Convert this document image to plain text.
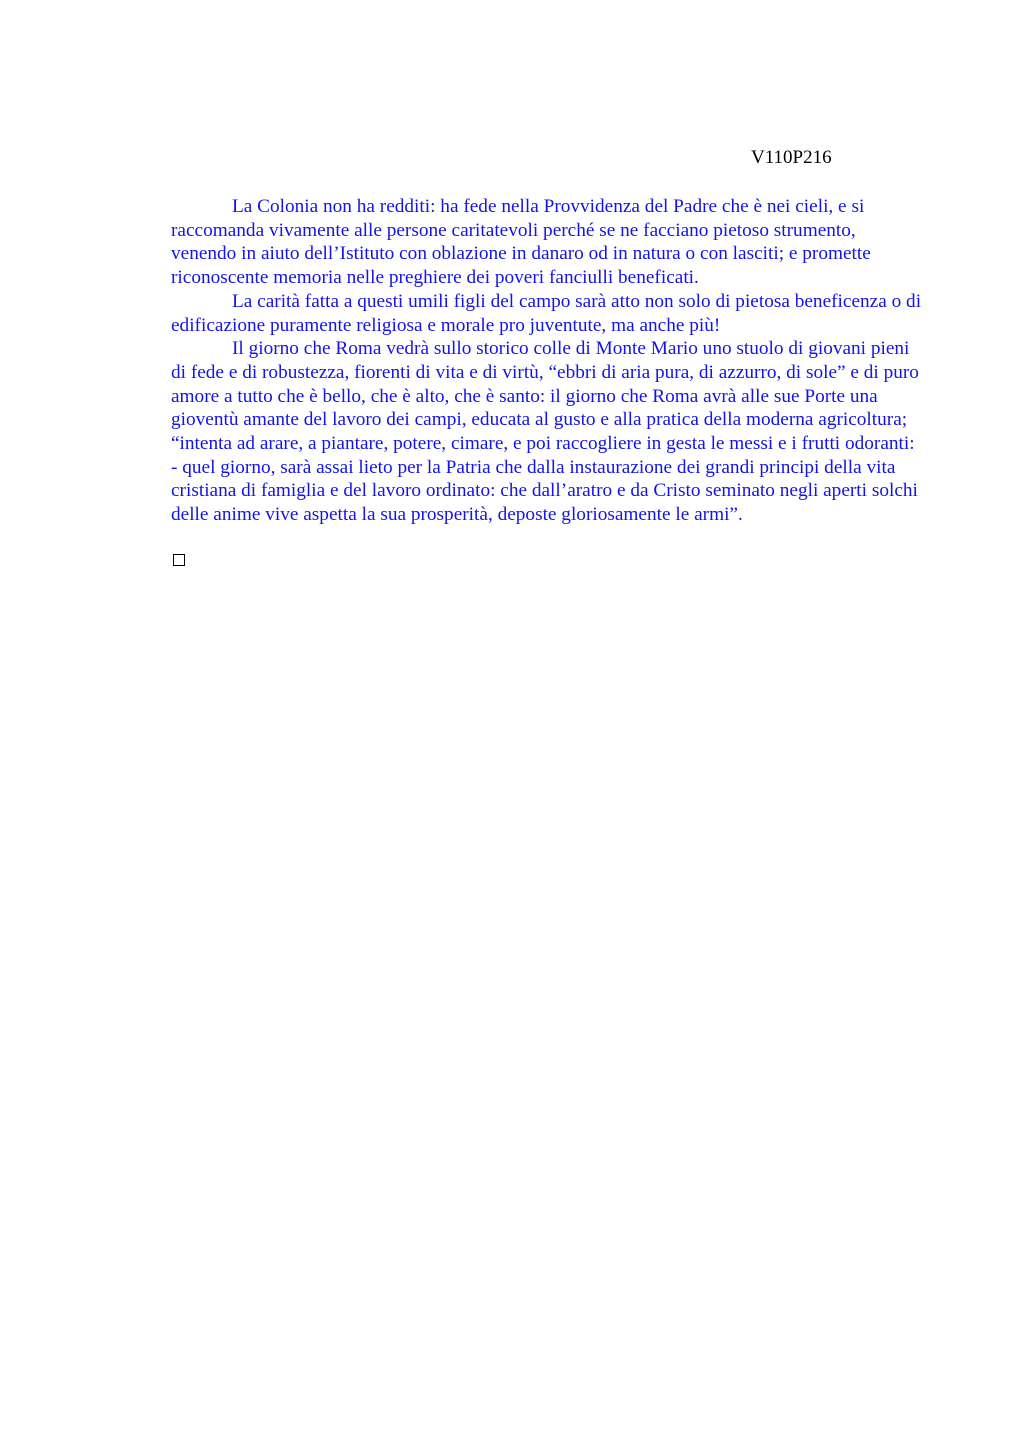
V110P216

La Colonia non ha redditi: ha fede nella Provvidenza del Padre che è nei cieli, e si raccomanda vivamente alle persone caritatevoli perché se ne facciano pietoso strumento, venendo in aiuto dell’Istituto con oblazione in danaro od in natura o con lasciti; e promette riconoscente memoria nelle preghiere dei poveri fanciulli beneficati.

La carità fatta a questi umili figli del campo sarà atto non solo di pietosa beneficenza o di edificazione puramente religiosa e morale pro juventute, ma anche più!

Il giorno che Roma vedrà sullo storico colle di Monte Mario uno stuolo di giovani pieni di fede e di robustezza, fiorenti di vita e di virtù, “ebbri di aria pura, di azzurro, di sole” e di puro amore a tutto che è bello, che è alto, che è santo: il giorno che Roma avrà alle sue Porte una gioventù amante del lavoro dei campi, educata al gusto e alla pratica della moderna agricoltura; “intenta ad arare, a piantare, potere, cimare, e poi raccogliere in gesta le messi e i frutti odoranti: - quel giorno, sarà assai lieto per la Patria che dalla instaurazione dei grandi principi della vita cristiana di famiglia e del lavoro ordinato: che dall’aratro e da Cristo seminato negli aperti solchi delle anime vive aspetta la sua prosperità, deposte gloriosamente le armi”.
